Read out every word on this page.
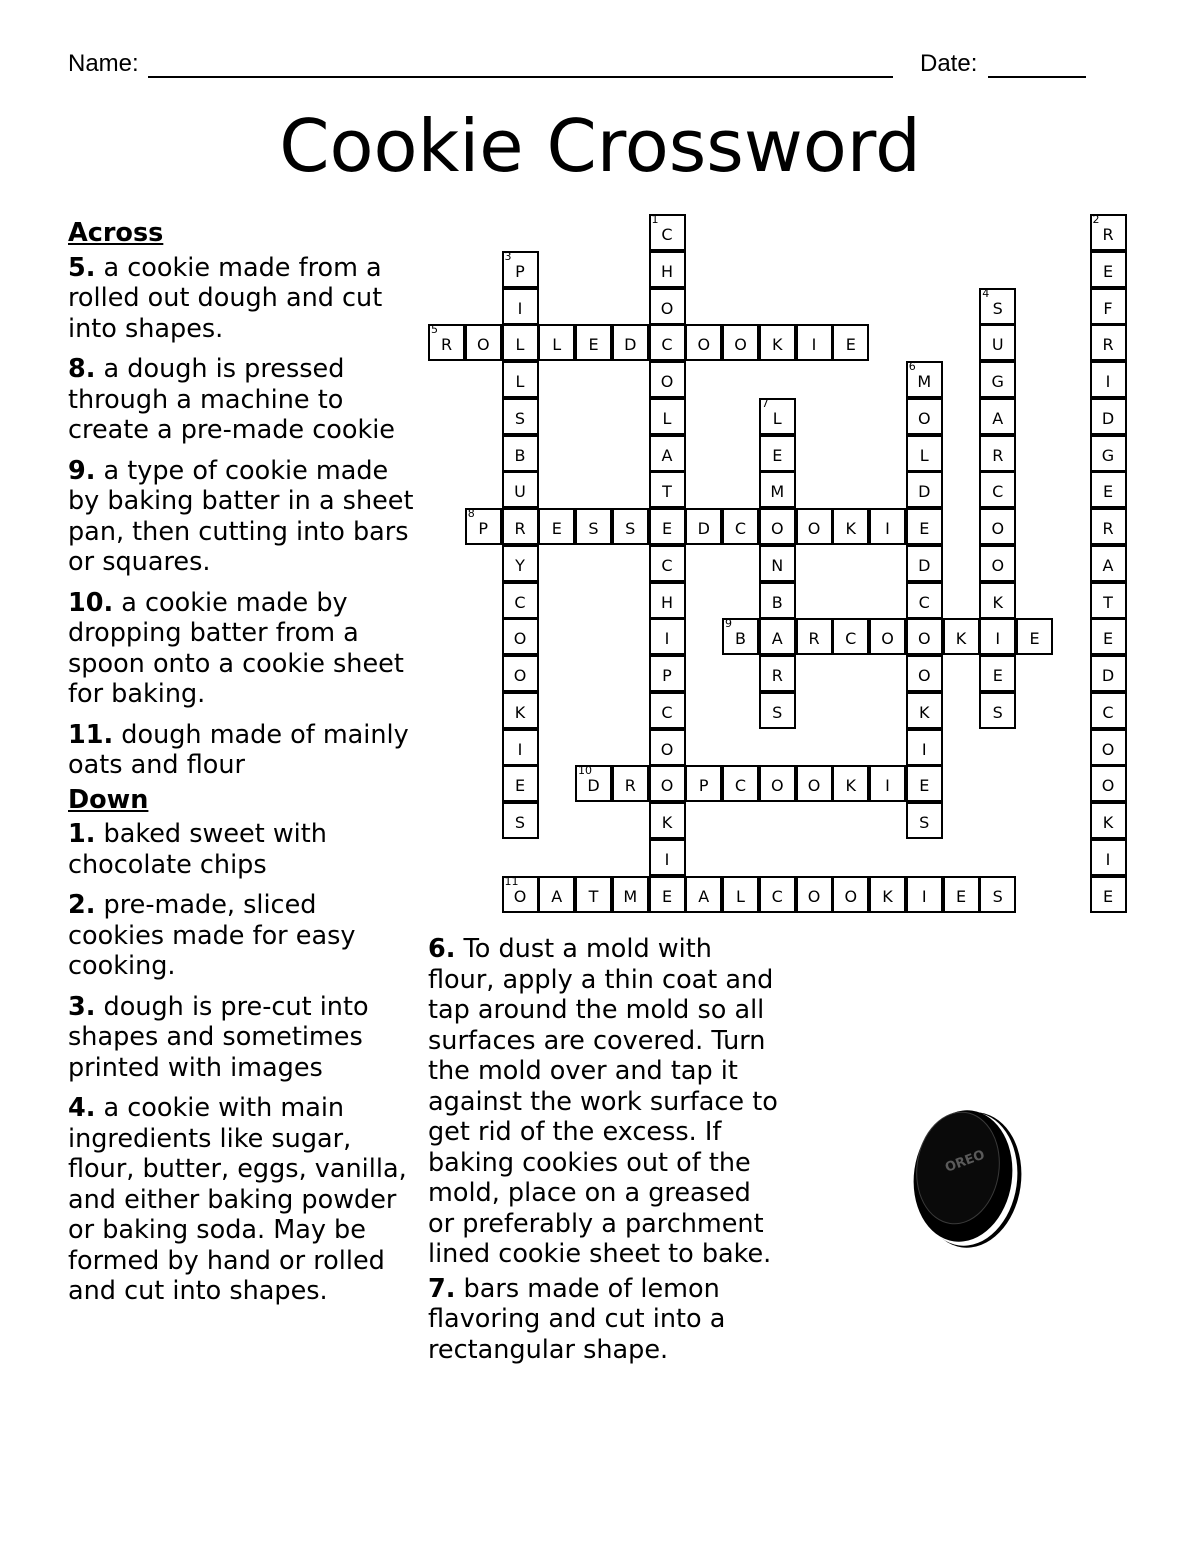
Name:	Date:
Cookie Crossword
Across
5. a cookie made from a rolled out dough and cut into shapes.
8. a dough is pressed through a machine to create a pre-made cookie
9. a type of cookie made by baking batter in a sheet pan, then cutting into bars or squares.
10. a cookie made by dropping batter from a spoon onto a cookie sheet for baking.
11. dough made of mainly oats and flour
Down
1. baked sweet with chocolate chips
2. pre-made, sliced cookies made for easy cooking.
3. dough is pre-cut into shapes and sometimes printed with images
4. a cookie with main ingredients like sugar, flour, butter, eggs, vanilla, and either baking powder or baking soda. May be formed by hand or rolled and cut into shapes.
6. To dust a mold with flour, apply a thin coat and tap around the mold so all surfaces are covered. Turn the mold over and tap it against the work surface to get rid of the excess. If baking cookies out of the mold, place on a greased or preferably a parchment lined cookie sheet to bake.
7. bars made of lemon flavoring and cut into a rectangular shape.
C
1
H
O
C
O
L
A
T
E
C
H
I
P
C
O
O
K
I
E
R
2
E
F
R
I
D
G
E
R
A
T
E
D
C
O
O
K
I
E
P
3
I
L
L
S
B
U
R
Y
C
O
O
K
I
E
S
S
4
U
G
A
R
C
O
O
K
I
E
S
R
5
O	L	E	D	O	O	K	I	E
M
6
O
L
D
E
D
C
O
O
K
I
E
S
L
7
E
M
O
N
B
A
R
S
P
8
E	S	S	D	C	O	K	I
B
9
R	C	O	K	E
D
10
R	P	C	O	O	K	I
O
11
A	T	M	A	L	C	O	O	K	I	E	S
OREO
